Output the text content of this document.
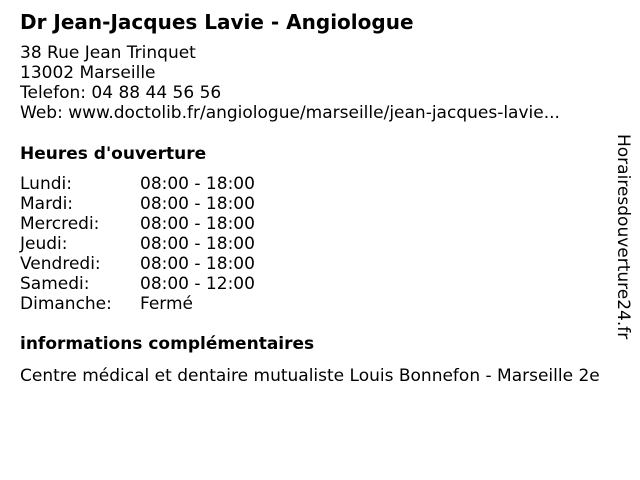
Dr Jean-Jacques Lavie - Angiologue
38 Rue Jean Trinquet
13002 Marseille
Telefon: 04 88 44 56 56
Web: www.doctolib.fr/angiologue/marseille/jean-jacques-lavie...
Heures d'ouverture
Lundi:	08:00 - 18:00
Mardi:	08:00 - 18:00
Mercredi:	08:00 - 18:00
Jeudi:	08:00 - 18:00
Vendredi:	08:00 - 18:00
Samedi:	08:00 - 12:00
Dimanche:	Fermé
informations complémentaires
Centre médical et dentaire mutualiste Louis Bonnefon - Marseille 2e
Horairesdouverture24.fr
